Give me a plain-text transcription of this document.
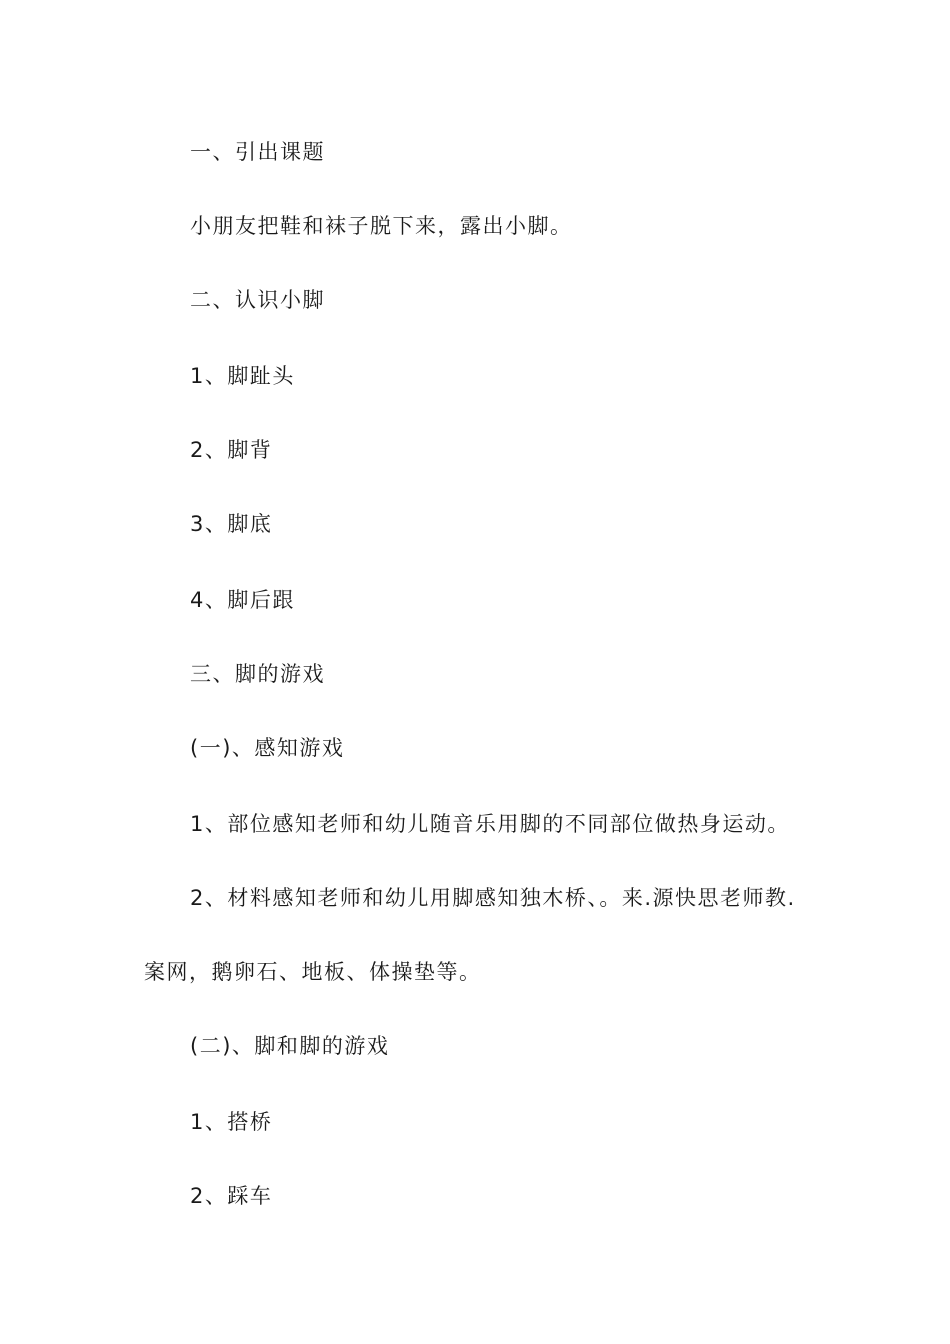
一、引出课题
小朋友把鞋和袜子脱下来，露出小脚。
二、认识小脚
1、脚趾头
2、脚背
3、脚底
4、脚后跟
三、脚的游戏
(一)、感知游戏
1、部位感知老师和幼儿随音乐用脚的不同部位做热身运动。
2、材料感知老师和幼儿用脚感知独木桥、。来.源快思老师教.
案网，鹅卵石、地板、体操垫等。
(二)、脚和脚的游戏
1、搭桥
2、踩车
